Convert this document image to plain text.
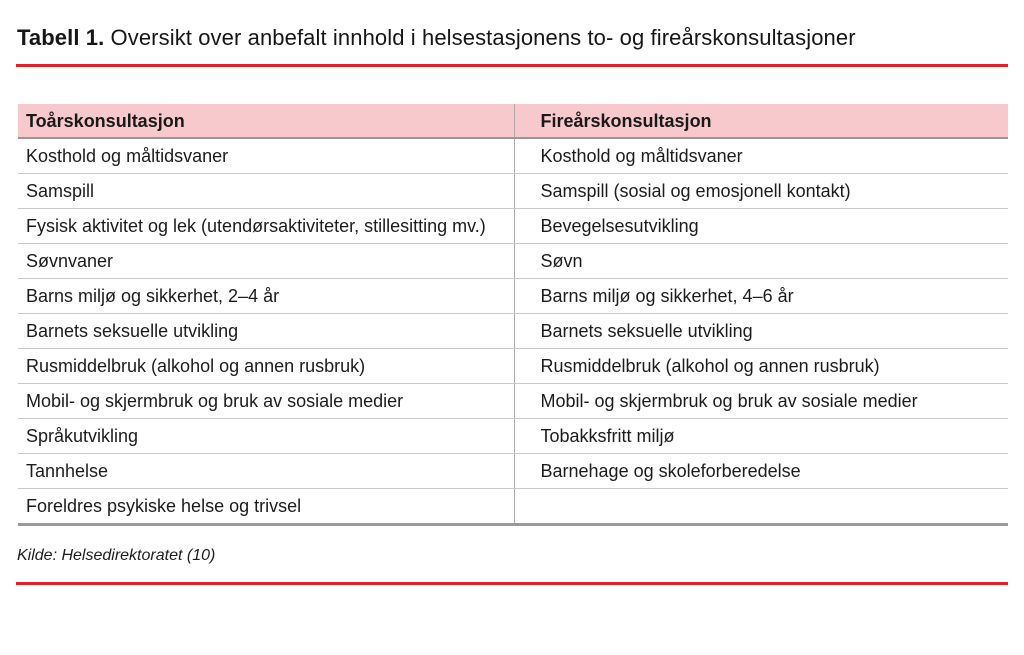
Tabell 1. Oversikt over anbefalt innhold i helsestasjonens to- og fireårskonsultasjoner
Toårskonsultasjon	Fireårskonsultasjon

Kosthold og måltidsvaner	Kosthold og måltidsvaner

Samspill	Samspill (sosial og emosjonell kontakt)

Fysisk aktivitet og lek (utendørsaktiviteter, stillesitting mv.)	Bevegelsesutvikling

Søvnvaner	Søvn

Barns miljø og sikkerhet, 2–4 år	Barns miljø og sikkerhet, 4–6 år

Barnets seksuelle utvikling	Barnets seksuelle utvikling

Rusmiddelbruk (alkohol og annen rusbruk)	Rusmiddelbruk (alkohol og annen rusbruk)

Mobil- og skjermbruk og bruk av sosiale medier	Mobil- og skjermbruk og bruk av sosiale medier

Språkutvikling	Tobakksfritt miljø

Tannhelse	Barnehage og skoleforberedelse

Foreldres psykiske helse og trivsel	

Kilde: Helsedirektoratet (10)
